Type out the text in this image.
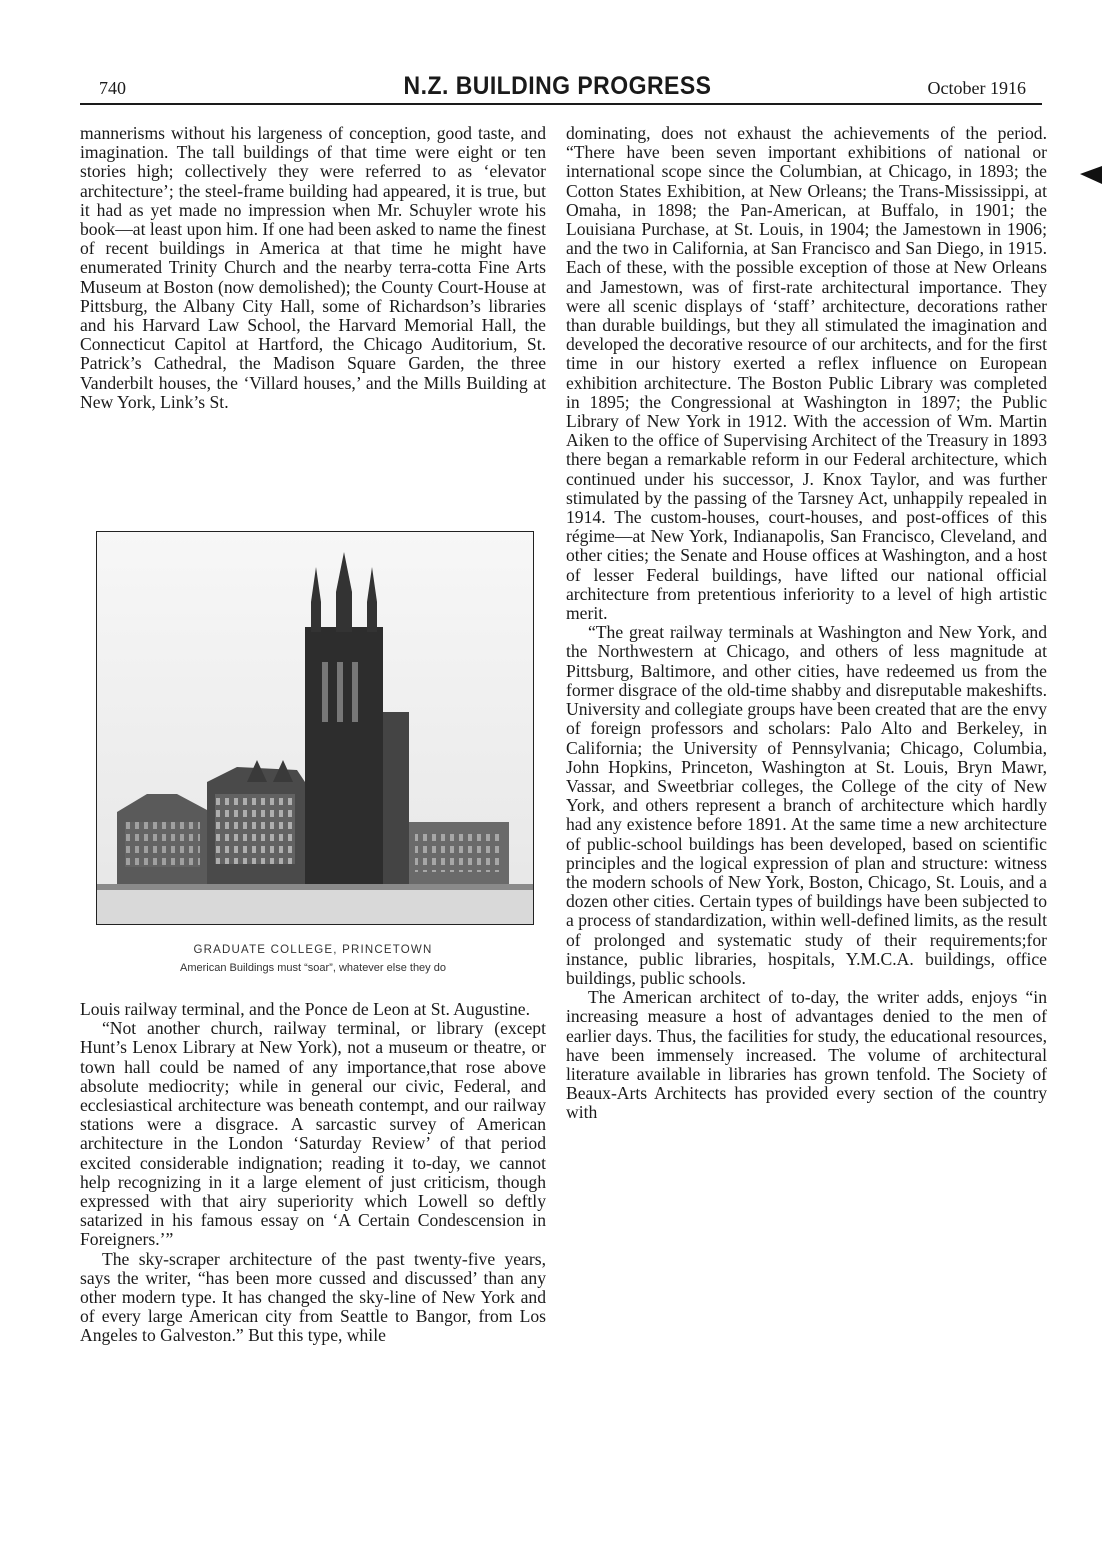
740	N.Z. BUILDING PROGRESS	October 1916

mannerisms without his largeness of conception, good taste, and imagination. The tall buildings of that time were eight or ten stories high; collectively they were referred to as ‘elevator architecture’; the steel-frame building had appeared, it is true, but it had as yet made no impression when Mr. Schuyler wrote his book—at least upon him. If one had been asked to name the finest of recent buildings in America at that time he might have enumerated Trinity Church and the nearby terra-cotta Fine Arts Museum at Boston (now demolished); the County Court-House at Pittsburg, the Albany City Hall, some of Richardson’s libraries and his Harvard Law School, the Harvard Memorial Hall, the Connecticut Capitol at Hartford, the Chicago Auditorium, St. Patrick’s Cathedral, the Madison Square Garden, the three Vanderbilt houses, the ‘Villard houses,’ and the Mills Building at New York, Link’s St.

GRADUATE COLLEGE, PRINCETOWN
American Buildings must “soar”, whatever else they do

Louis railway terminal, and the Ponce de Leon at St. Augustine.

“Not another church, railway terminal, or library (except Hunt’s Lenox Library at New York), not a museum or theatre, or town hall could be named of any importance,that rose above absolute mediocrity; while in general our civic, Federal, and ecclesiastical architecture was beneath contempt, and our railway stations were a disgrace. A sarcastic survey of American architecture in the London ‘Saturday Review’ of that period excited considerable indignation; reading it to-day, we cannot help recognizing in it a large element of just criticism, though expressed with that airy superiority which Lowell so deftly satarized in his famous essay on ‘A Certain Condescension in Foreigners.’”

The sky-scraper architecture of the past twenty-five years, says the writer, “has been more cussed and discussed’ than any other modern type. It has changed the sky-line of New York and of every large American city from Seattle to Bangor, from Los Angeles to Galveston.” But this type, while

dominating, does not exhaust the achievements of the period. “There have been seven important exhibitions of national or international scope since the Columbian, at Chicago, in 1893; the Cotton States Exhibition, at New Orleans; the Trans-Mississippi, at Omaha, in 1898; the Pan-American, at Buffalo, in 1901; the Louisiana Purchase, at St. Louis, in 1904; the Jamestown in 1906; and the two in California, at San Francisco and San Diego, in 1915. Each of these, with the possible exception of those at New Orleans and Jamestown, was of first-rate architectural importance. They were all scenic displays of ‘staff’ architecture, decorations rather than durable buildings, but they all stimulated the imagination and developed the decorative resource of our architects, and for the first time in our history exerted a reflex influence on European exhibition architecture. The Boston Public Library was completed in 1895; the Congressional at Washington in 1897; the Public Library of New York in 1912. With the accession of Wm. Martin Aiken to the office of Supervising Architect of the Treasury in 1893 there began a remarkable reform in our Federal architecture, which continued under his successor, J. Knox Taylor, and was further stimulated by the passing of the Tarsney Act, unhappily repealed in 1914. The custom-houses, court-houses, and post-offices of this régime—at New York, Indianapolis, San Francisco, Cleveland, and other cities; the Senate and House offices at Washington, and a host of lesser Federal buildings, have lifted our national official architecture from pretentious inferiority to a level of high artistic merit.

“The great railway terminals at Washington and New York, and the Northwestern at Chicago, and others of less magnitude at Pittsburg, Baltimore, and other cities, have redeemed us from the former disgrace of the old-time shabby and disreputable makeshifts. University and collegiate groups have been created that are the envy of foreign professors and scholars: Palo Alto and Berkeley, in California; the University of Pennsylvania; Chicago, Columbia, John Hopkins, Princeton, Washington at St. Louis, Bryn Mawr, Vassar, and Sweetbriar colleges, the College of the city of New York, and others represent a branch of architecture which hardly had any existence before 1891. At the same time a new architecture of public-school buildings has been developed, based on scientific principles and the logical expression of plan and structure: witness the modern schools of New York, Boston, Chicago, St. Louis, and a dozen other cities. Certain types of buildings have been subjected to a process of standardization, within well-defined limits, as the result of prolonged and systematic study of their requirements;for instance, public libraries, hospitals, Y.M.C.A. buildings, office buildings, public schools.

The American architect of to-day, the writer adds, enjoys “in increasing measure a host of advantages denied to the men of earlier days. Thus, the facilities for study, the educational resources, have been immensely increased. The volume of architectural literature available in libraries has grown tenfold. The Society of Beaux-Arts Architects has provided every section of the country with
